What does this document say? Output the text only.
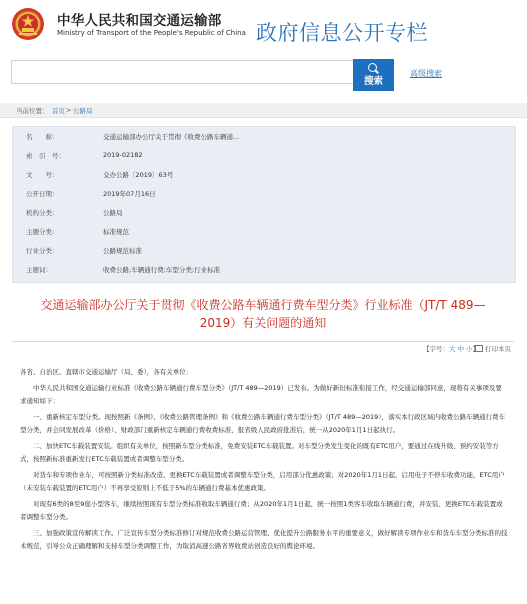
中华人民共和国交通运输部
Ministry of Transport of the People's Republic of China 政府信息公开专栏
搜索
高级搜索
当前位置： 首页 > 公路局
名　　称：	交通运输部办公厅关于贯彻《收费公路车辆通...
索　引　号：	2019-02182
文　　号：	交办公路〔2019〕63号
公开日期：	2019年07月16日
机构分类：	公路局
主题分类：	标准规范
行业分类：	公路规范标准
主题词：	收费公路;车辆通行费;车型分类;行业标准
交通运输部办公厅关于贯彻《收费公路车辆通行费车型分类》行业标准（JT/T 489—
2019）有关问题的通知
【字号：大 中 小】 打印本页

各省、自治区、直辖市交通运输厅（局、委），各有关单位：

中华人民共和国交通运输行业标准《收费公路车辆通行费车型分类》（JT/T 489—2019）已发布。为做好新旧标准衔接工作，经交通运输部同意，现将有关事项及要求通知如下：

一、重新核定车型分类。现按照新《条例》、《收费公路管理条例》和《收费公路车辆通行费车型分类》（JT/T 489—2019），落实本行政区域内收费公路车辆通行费车型分类，并会同发展改革（价格）、财政部门重新核定车辆通行费收费标准，报省级人民政府批准后，统一从2020年1月1日起执行。

二、加快ETC车载装置安装。组织有关单位，按照新车型分类标准，免费安装ETC车载装置。对车型分类发生变化的既有ETC用户，要通过在线升级、预约安装等方式，按照新标准重新发行ETC车载装置或者调整车型分类。

对货车和专项作业车，可按照新分类标准改造、更换ETC车载装置或者调整车型分类，启用部分优惠政策；对2020年1月1日起，启用电子不停车收费功能，ETC用户（未安装车载装置的ETC用户）不再享受原则上不低于5%的车辆通行费基本优惠政策。

对现有6类的8至9座小型客车，继续按照现有车型分类标准收取车辆通行费；从2020年1月1日起，统一按照1类客车收取车辆通行费，并安装、更换ETC车载装置或者调整车型分类。

三、加强政策宣传解读工作。广泛宣传车型分类标准修订对规范收费公路运营管理、优化提升公路服务水平的重要意义，做好解读专项作业车和货车车型分类标准的技术规范，引导公众正确理解和支持车型分类调整工作，为取消高速公路省界收费站创造良好的舆论环境。
